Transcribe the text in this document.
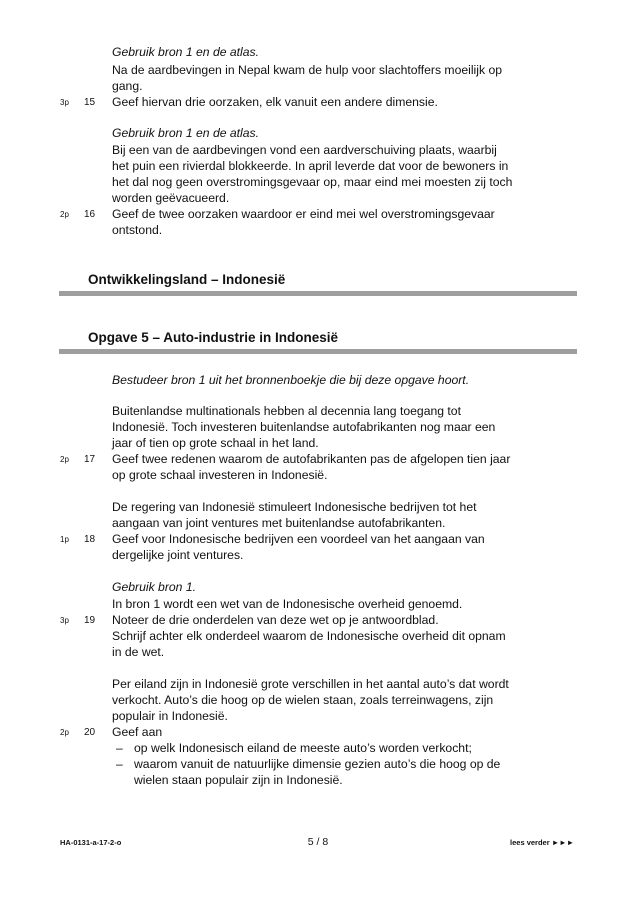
Gebruik bron 1 en de atlas.
Na de aardbevingen in Nepal kwam de hulp voor slachtoffers moeilijk op
gang.
3p 15 Geef hiervan drie oorzaken, elk vanuit een andere dimensie.
Gebruik bron 1 en de atlas.
Bij een van de aardbevingen vond een aardverschuiving plaats, waarbij
het puin een rivierdal blokkeerde. In april leverde dat voor de bewoners in
het dal nog geen overstromingsgevaar op, maar eind mei moesten zij toch
worden geëvacueerd.
2p 16 Geef de twee oorzaken waardoor er eind mei wel overstromingsgevaar
ontstond.
Ontwikkelingsland – Indonesië
Opgave 5 – Auto-industrie in Indonesië
Bestudeer bron 1 uit het bronnenboekje die bij deze opgave hoort.
Buitenlandse multinationals hebben al decennia lang toegang tot
Indonesië. Toch investeren buitenlandse autofabrikanten nog maar een
jaar of tien op grote schaal in het land.
2p 17 Geef twee redenen waarom de autofabrikanten pas de afgelopen tien jaar
op grote schaal investeren in Indonesië.
De regering van Indonesië stimuleert Indonesische bedrijven tot het
aangaan van joint ventures met buitenlandse autofabrikanten.
1p 18 Geef voor Indonesische bedrijven een voordeel van het aangaan van
dergelijke joint ventures.
Gebruik bron 1.
In bron 1 wordt een wet van de Indonesische overheid genoemd.
3p 19 Noteer de drie onderdelen van deze wet op je antwoordblad.
Schrijf achter elk onderdeel waarom de Indonesische overheid dit opnam
in de wet.
Per eiland zijn in Indonesië grote verschillen in het aantal auto’s dat wordt
verkocht. Auto’s die hoog op de wielen staan, zoals terreinwagens, zijn
populair in Indonesië.
2p 20 Geef aan
– op welk Indonesisch eiland de meeste auto’s worden verkocht;
– waarom vanuit de natuurlijke dimensie gezien auto’s die hoog op de
wielen staan populair zijn in Indonesië.
HA-0131-a-17-2-o	5 / 8	lees verder ►►►
